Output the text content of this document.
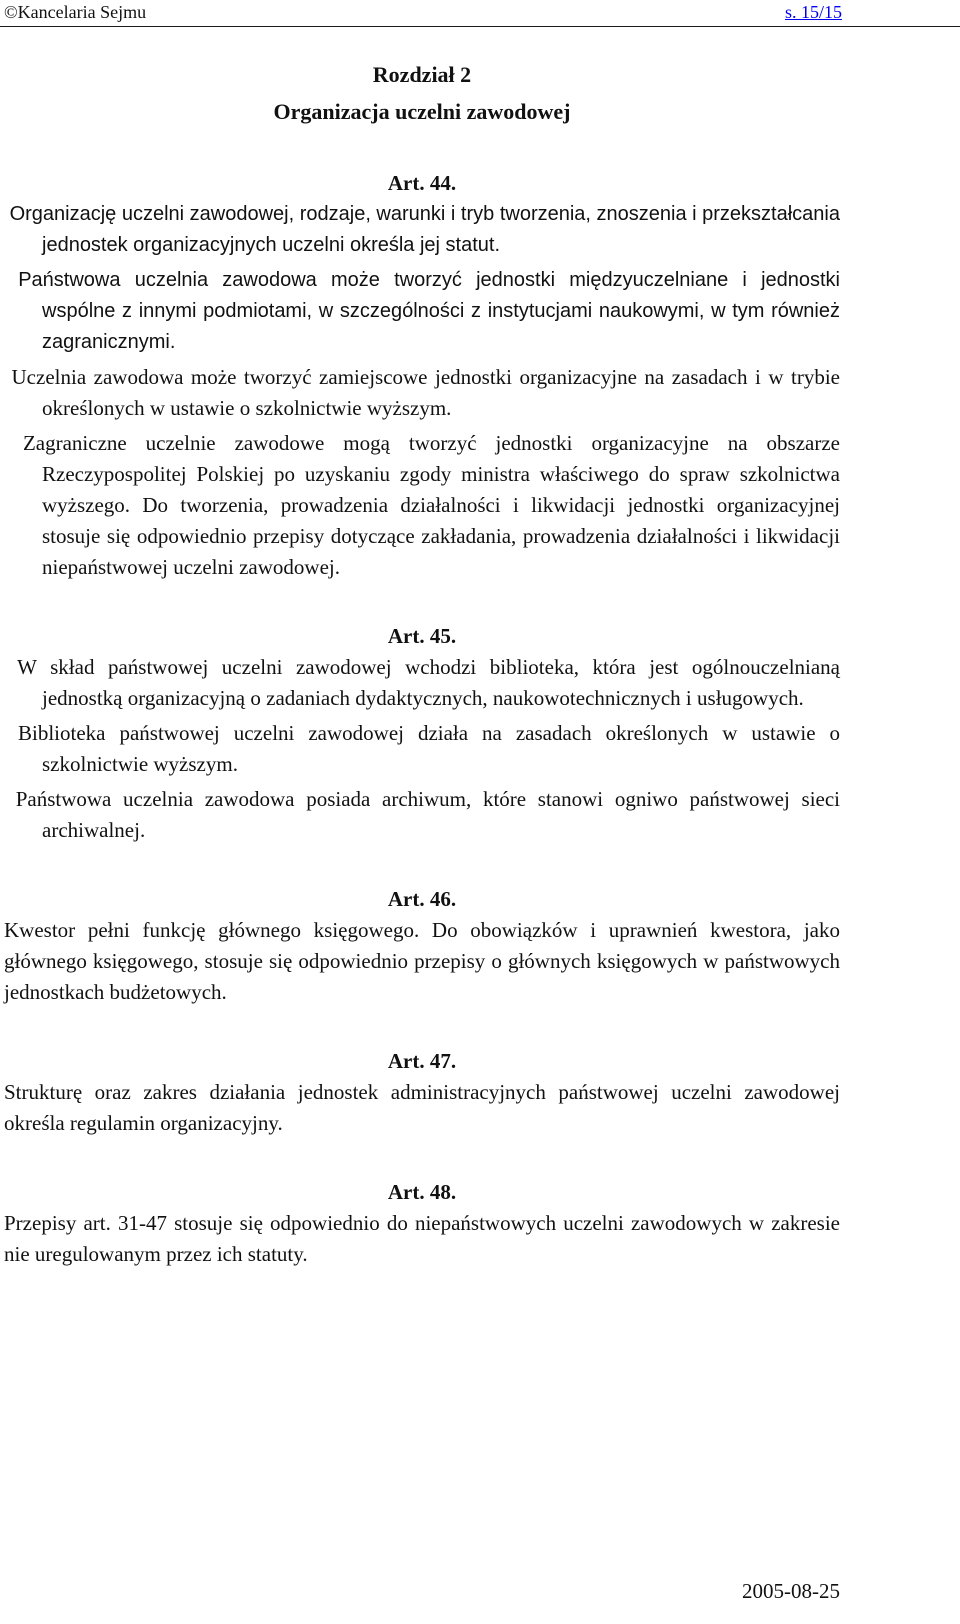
©Kancelaria Sejmu	s. 15/15

Rozdział 2

Organizacja uczelni zawodowej

Art. 44.

Organizację uczelni zawodowej, rodzaje, warunki i tryb tworzenia, znoszenia i przekształcania jednostek organizacyjnych uczelni określa jej statut.

Państwowa uczelnia zawodowa może tworzyć jednostki międzyuczelniane i jednostki wspólne z innymi podmiotami, w szczególności z instytucjami naukowymi, w tym również zagranicznymi.

Uczelnia zawodowa może tworzyć zamiejscowe jednostki organizacyjne na zasadach i w trybie określonych w ustawie o szkolnictwie wyższym.

Zagraniczne uczelnie zawodowe mogą tworzyć jednostki organizacyjne na obszarze Rzeczypospolitej Polskiej po uzyskaniu zgody ministra właściwego do spraw szkolnictwa wyższego. Do tworzenia, prowadzenia działalności i likwidacji jednostki organizacyjnej stosuje się odpowiednio przepisy dotyczące zakładania, prowadzenia działalności i likwidacji niepaństwowej uczelni zawodowej.

Art. 45.

W skład państwowej uczelni zawodowej wchodzi biblioteka, która jest ogólnouczelnianą jednostką organizacyjną o zadaniach dydaktycznych, naukowotechnicznych i usługowych.

Biblioteka państwowej uczelni zawodowej działa na zasadach określonych w ustawie o szkolnictwie wyższym.

Państwowa uczelnia zawodowa posiada archiwum, które stanowi ogniwo państwowej sieci archiwalnej.

Art. 46.

Kwestor pełni funkcję głównego księgowego. Do obowiązków i uprawnień kwestora, jako głównego księgowego, stosuje się odpowiednio przepisy o głównych księgowych w państwowych jednostkach budżetowych.

Art. 47.

Strukturę oraz zakres działania jednostek administracyjnych państwowej uczelni zawodowej określa regulamin organizacyjny.

Art. 48.

Przepisy art. 31-47 stosuje się odpowiednio do niepaństwowych uczelni zawodowych w zakresie nie uregulowanym przez ich statuty.

2005-08-25
